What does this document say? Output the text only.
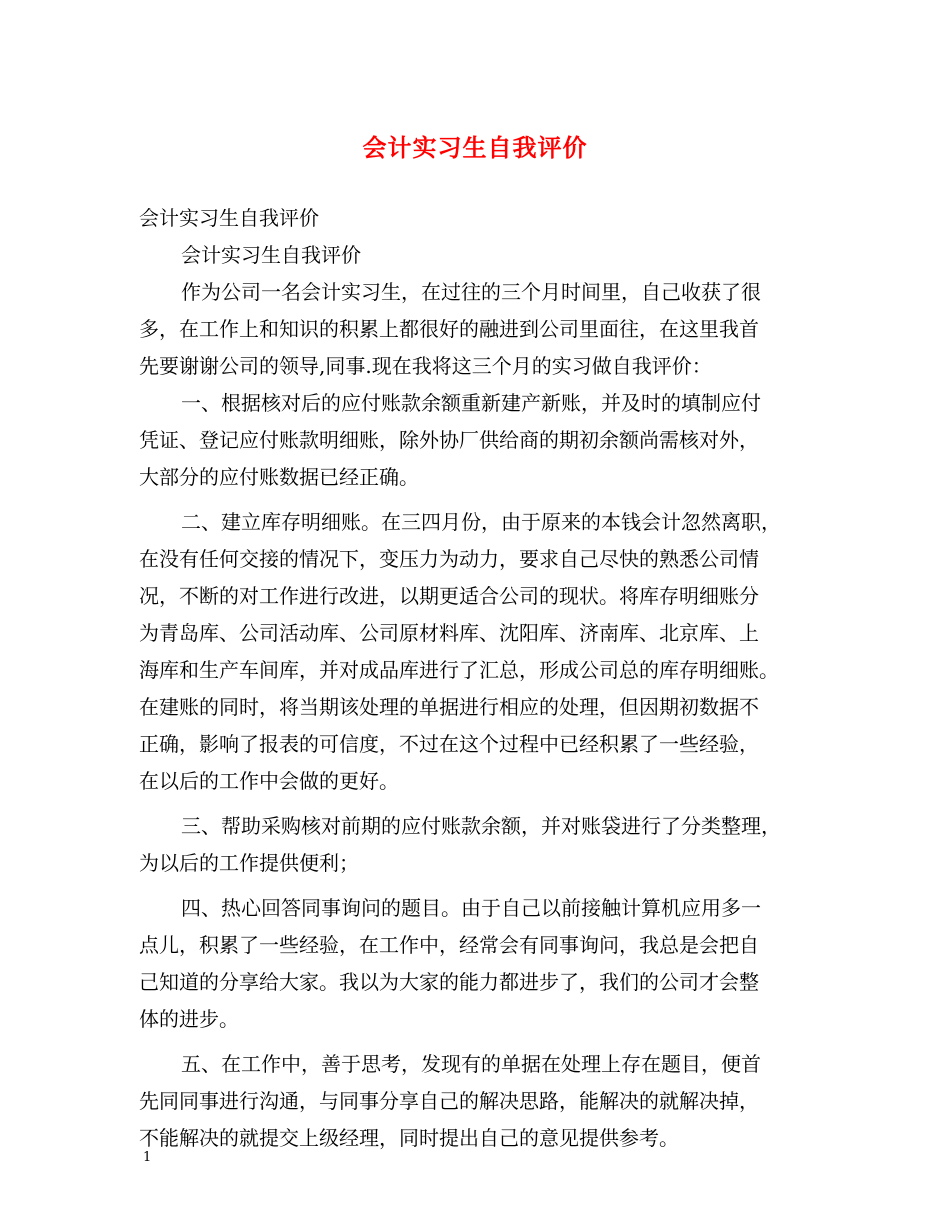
会计实习生自我评价
会计实习生自我评价
会计实习生自我评价
作为公司一名会计实习生，在过往的三个月时间里，自己收获了很
多，在工作上和知识的积累上都很好的融进到公司里面往，在这里我首
先要谢谢公司的领导,同事.现在我将这三个月的实习做自我评价：
一、根据核对后的应付账款余额重新建产新账，并及时的填制应付
凭证、登记应付账款明细账，除外协厂供给商的期初余额尚需核对外，
大部分的应付账数据已经正确。
二、建立库存明细账。在三四月份，由于原来的本钱会计忽然离职，
在没有任何交接的情况下，变压力为动力，要求自己尽快的熟悉公司情
况，不断的对工作进行改进，以期更适合公司的现状。将库存明细账分
为青岛库、公司活动库、公司原材料库、沈阳库、济南库、北京库、上
海库和生产车间库，并对成品库进行了汇总，形成公司总的库存明细账。
在建账的同时，将当期该处理的单据进行相应的处理，但因期初数据不
正确，影响了报表的可信度，不过在这个过程中已经积累了一些经验，
在以后的工作中会做的更好。
三、帮助采购核对前期的应付账款余额，并对账袋进行了分类整理，
为以后的工作提供便利；
四、热心回答同事询问的题目。由于自己以前接触计算机应用多一
点儿，积累了一些经验，在工作中，经常会有同事询问，我总是会把自
己知道的分享给大家。我以为大家的能力都进步了，我们的公司才会整
体的进步。
五、在工作中，善于思考，发现有的单据在处理上存在题目，便首
先同同事进行沟通，与同事分享自己的解决思路，能解决的就解决掉，
不能解决的就提交上级经理，同时提出自己的意见提供参考。
1
